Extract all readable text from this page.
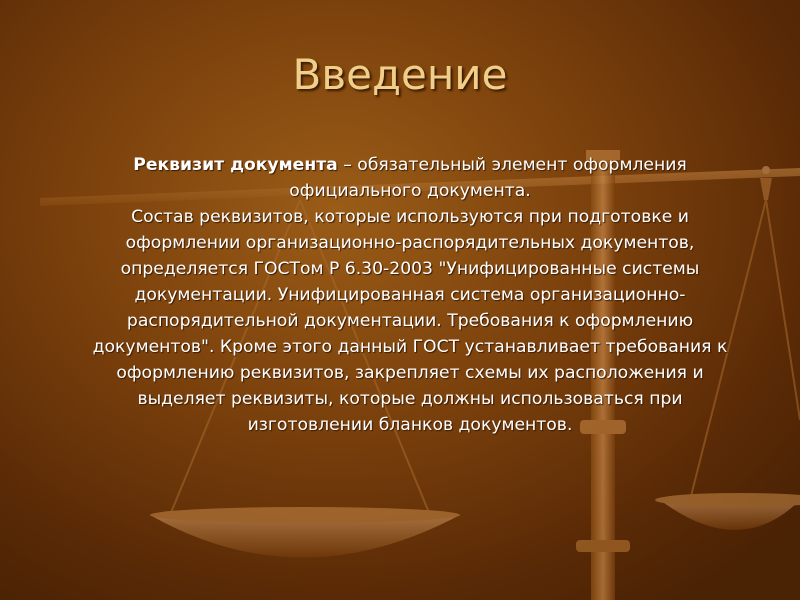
Введение
Реквизит документа – обязательный элемент оформления официального документа.
Состав реквизитов, которые используются при подготовке и оформлении организационно-распорядительных документов, определяется ГОСТом Р 6.30-2003 "Унифицированные системы документации. Унифицированная система организационно-распорядительной документации. Требования к оформлению документов". Кроме этого данный ГОСТ устанавливает требования к оформлению реквизитов, закрепляет схемы их расположения и выделяет реквизиты, которые должны использоваться при изготовлении бланков документов.
